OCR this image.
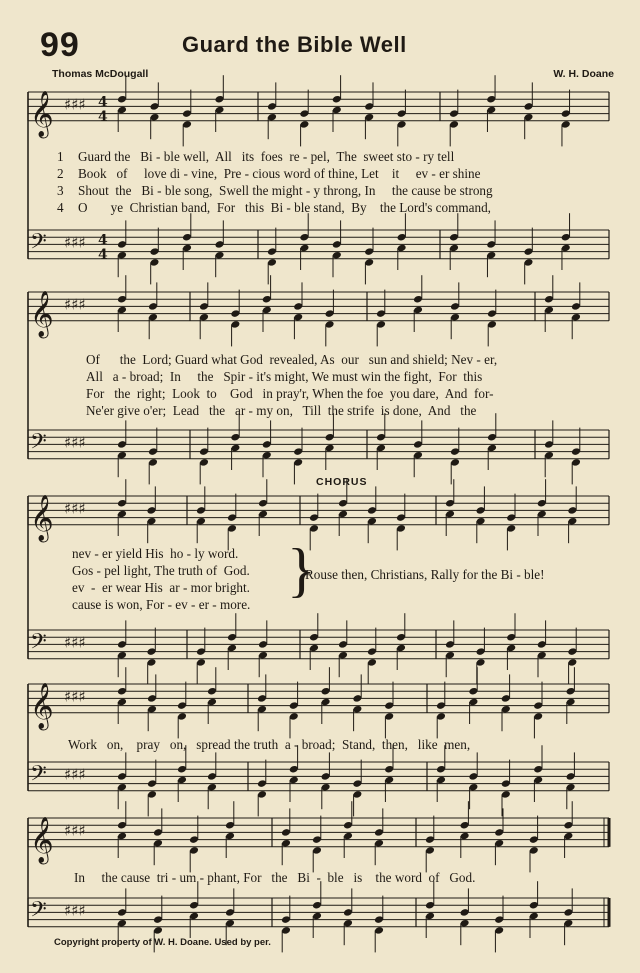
99	Guard the Bible Well
Thomas McDougall	W. H. Doane
𝄞 ♯♯♯
𝄢 ♯♯♯
𝄞 ♯♯♯
𝄢 ♯♯♯
𝄞 ♯♯♯
𝄢 ♯♯♯
𝄞 ♯♯♯
𝄢 ♯♯♯
𝄞 ♯♯♯
𝄢 ♯♯♯
4
4
4
4
1
2
3
4
Guard the   Bi - ble well,  All   its  foes  re - pel,  The  sweet sto - ry tell
Book   of     love di - vine,  Pre - cious word of thine, Let    it     ev - er shine
Shout  the   Bi - ble song,  Swell the might - y throng, In     the cause be strong
O       ye  Christian band,  For   this  Bi - ble stand,  By    the Lord's command,
Of      the  Lord; Guard what God  revealed, As  our   sun and shield; Nev - er,
All   a - broad;  In     the   Spir - it's might, We must win the fight,  For  this
For   the  right;  Look  to    God   in pray'r, When the foe  you dare,  And  for-
Ne'er give o'er;  Lead   the   ar - my on,   Till  the strife  is done,  And   the
nev - er yield His  ho - ly word.
Gos - pel light, The truth of  God.
ev  -  er wear His  ar - mor bright.
cause is won, For - ev - er - more.
}
CHORUS
Rouse then, Christians, Rally for the Bi - ble!
Work   on,    pray   on,   spread the truth  a - broad;  Stand,  then,   like  men,
In     the cause  tri - um - phant, For   the   Bi  -  ble   is    the word  of   God.
Copyright property of W. H. Doane. Used by per.
